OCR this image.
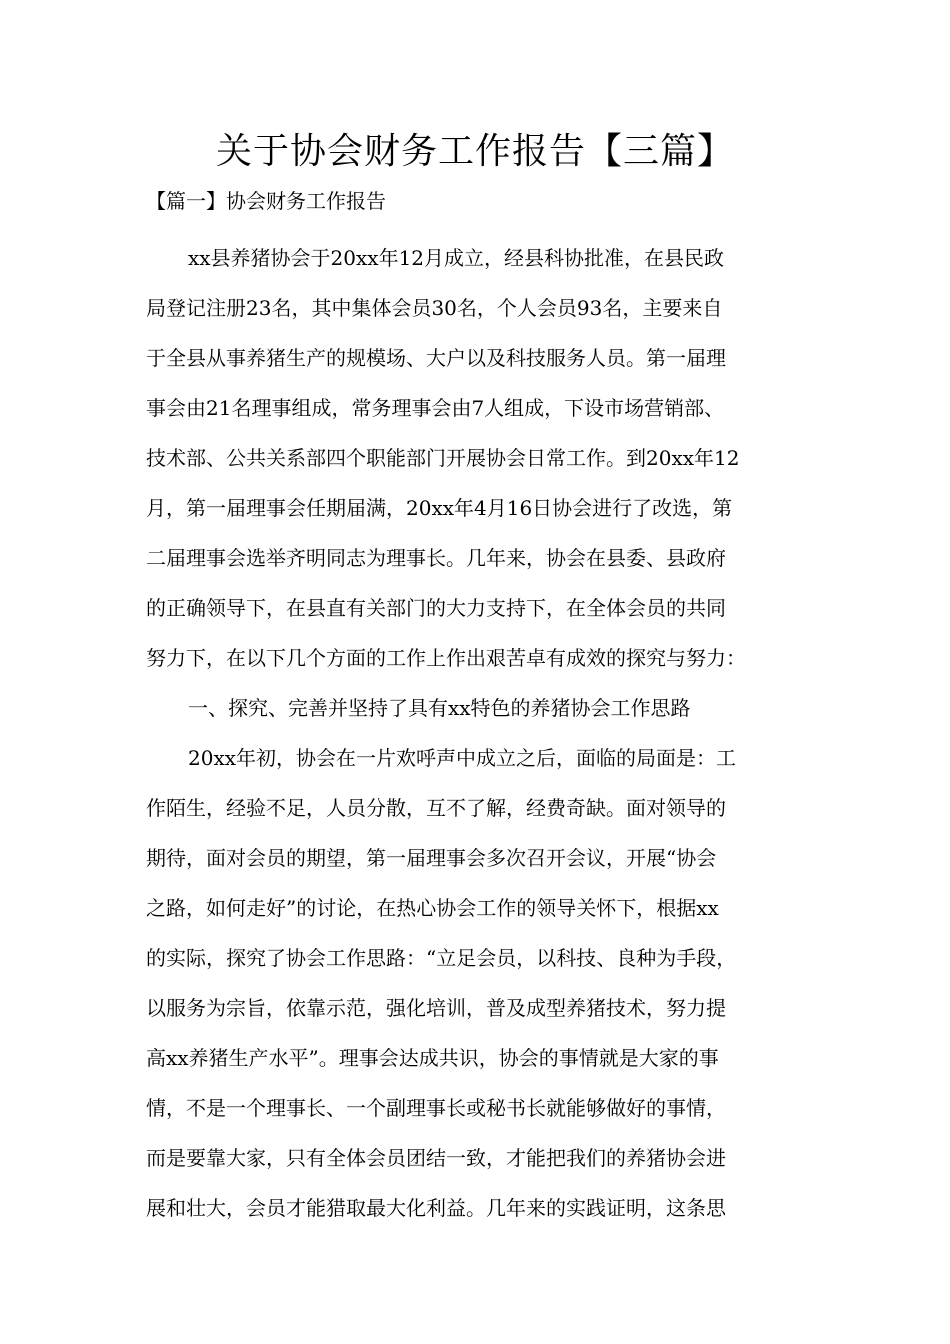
关于协会财务工作报告【三篇】
【篇一】协会财务工作报告
xx县养猪协会于20xx年12月成立，经县科协批准，在县民政
局登记注册23名，其中集体会员30名，个人会员93名，主要来自
于全县从事养猪生产的规模场、大户以及科技服务人员。第一届理
事会由21名理事组成，常务理事会由7人组成，下设市场营销部、
技术部、公共关系部四个职能部门开展协会日常工作。到20xx年12
月，第一届理事会任期届满，20xx年4月16日协会进行了改选，第
二届理事会选举齐明同志为理事长。几年来，协会在县委、县政府
的正确领导下，在县直有关部门的大力支持下，在全体会员的共同
努力下，在以下几个方面的工作上作出艰苦卓有成效的探究与努力：
一、探究、完善并坚持了具有xx特色的养猪协会工作思路
20xx年初，协会在一片欢呼声中成立之后，面临的局面是：工
作陌生，经验不足，人员分散，互不了解，经费奇缺。面对领导的
期待，面对会员的期望，第一届理事会多次召开会议，开展“协会
之路，如何走好”的讨论，在热心协会工作的领导关怀下，根据xx
的实际，探究了协会工作思路：“立足会员，以科技、良种为手段，
以服务为宗旨，依靠示范，强化培训，普及成型养猪技术，努力提
高xx养猪生产水平”。理事会达成共识，协会的事情就是大家的事
情，不是一个理事长、一个副理事长或秘书长就能够做好的事情，
而是要靠大家，只有全体会员团结一致，才能把我们的养猪协会进
展和壮大，会员才能猎取最大化利益。几年来的实践证明，这条思
